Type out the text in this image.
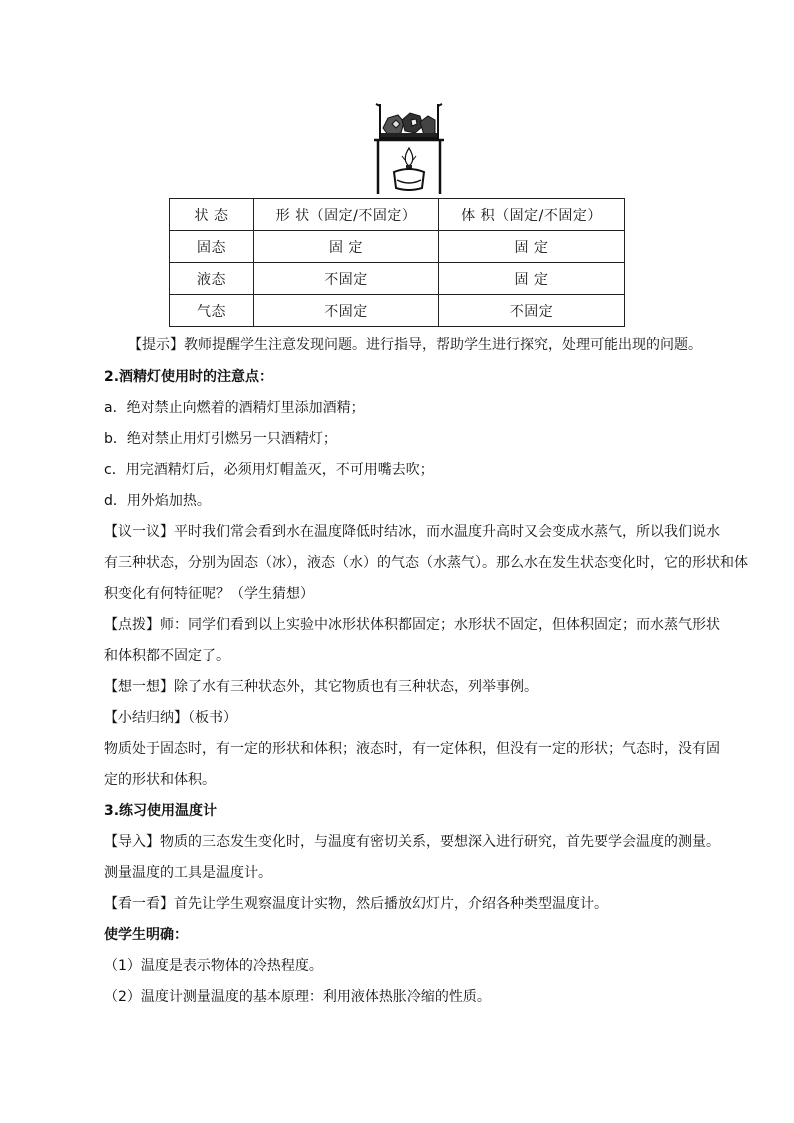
状 态	形 状（固定/不固定）	体 积（固定/不固定）
固态	固 定	固 定
液态	不固定	固 定
气态	不固定	不固定
【提示】教师提醒学生注意发现问题。进行指导，帮助学生进行探究，处理可能出现的问题。
2.酒精灯使用时的注意点：
a．绝对禁止向燃着的酒精灯里添加酒精；
b．绝对禁止用灯引燃另一只酒精灯；
c．用完酒精灯后，必须用灯帽盖灭，不可用嘴去吹；
d．用外焰加热。
【议一议】平时我们常会看到水在温度降低时结冰，而水温度升高时又会变成水蒸气，所以我们说水
有三种状态，分别为固态（冰），液态（水）的气态（水蒸气）。那么水在发生状态变化时，它的形状和体
积变化有何特征呢？（学生猜想）
【点拨】师：同学们看到以上实验中冰形状体积都固定；水形状不固定，但体积固定；而水蒸气形状
和体积都不固定了。
【想一想】除了水有三种状态外，其它物质也有三种状态，列举事例。
【小结归纳】（板书）
物质处于固态时，有一定的形状和体积；液态时，有一定体积，但没有一定的形状；气态时，没有固
定的形状和体积。
3.练习使用温度计
【导入】物质的三态发生变化时，与温度有密切关系，要想深入进行研究，首先要学会温度的测量。
测量温度的工具是温度计。
【看一看】首先让学生观察温度计实物，然后播放幻灯片，介绍各种类型温度计。
使学生明确：
（1）温度是表示物体的冷热程度。
（2）温度计测量温度的基本原理：利用液体热胀冷缩的性质。
